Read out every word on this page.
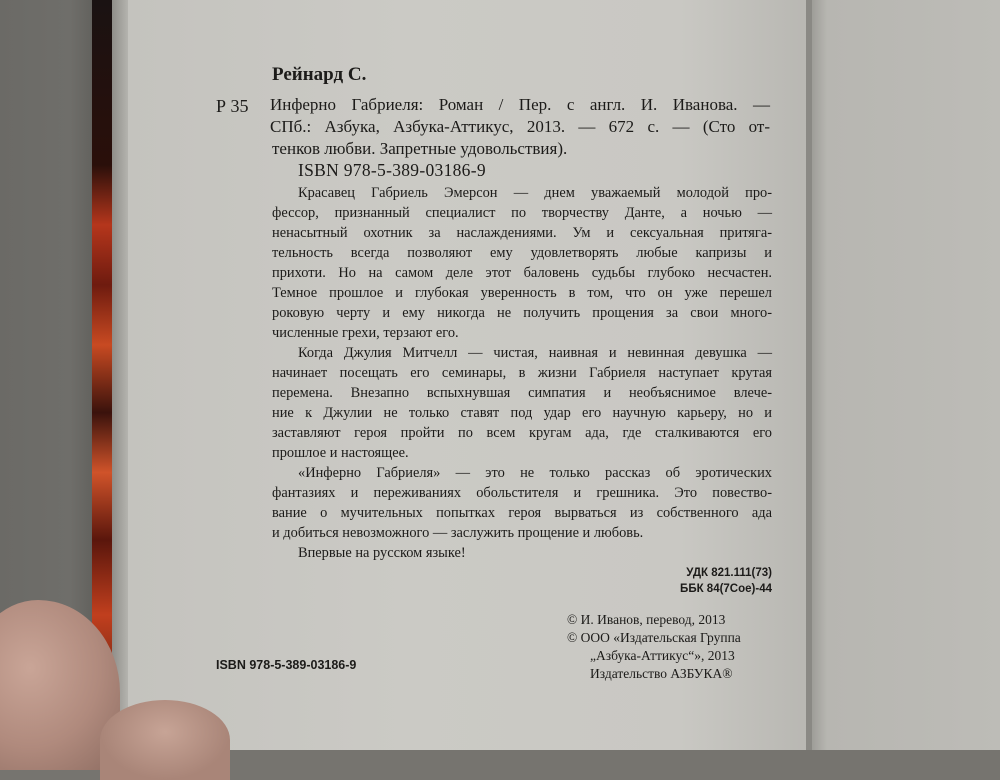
Рейнард С.
Р 35 Инферно Габриеля: Роман / Пер. с англ. И. Иванова. —
СПб.: Азбука, Азбука-Аттикус, 2013. — 672 с. — (Сто от-
тенков любви. Запретные удовольствия).
ISBN 978-5-389-03186-9
Красавец Габриель Эмерсон — днем уважаемый молодой про-
фессор, признанный специалист по творчеству Данте, а ночью —
ненасытный охотник за наслаждениями. Ум и сексуальная притяга-
тельность всегда позволяют ему удовлетворять любые капризы и
прихоти. Но на самом деле этот баловень судьбы глубоко несчастен.
Темное прошлое и глубокая уверенность в том, что он уже перешел
роковую черту и ему никогда не получить прощения за свои много-
численные грехи, терзают его.
Когда Джулия Митчелл — чистая, наивная и невинная девушка —
начинает посещать его семинары, в жизни Габриеля наступает крутая
перемена. Внезапно вспыхнувшая симпатия и необъяснимое влече-
ние к Джулии не только ставят под удар его научную карьеру, но и
заставляют героя пройти по всем кругам ада, где сталкиваются его
прошлое и настоящее.
«Инферно Габриеля» — это не только рассказ об эротических
фантазиях и переживаниях обольстителя и грешника. Это повество-
вание о мучительных попытках героя вырваться из собственного ада
и добиться невозможного — заслужить прощение и любовь.
Впервые на русском языке!
УДК 821.111(73)
ББК 84(7Сое)-44
© И. Иванов, перевод, 2013
© ООО «Издательская Группа
„Азбука-Аттикус“», 2013
Издательство АЗБУКА®
ISBN 978-5-389-03186-9
